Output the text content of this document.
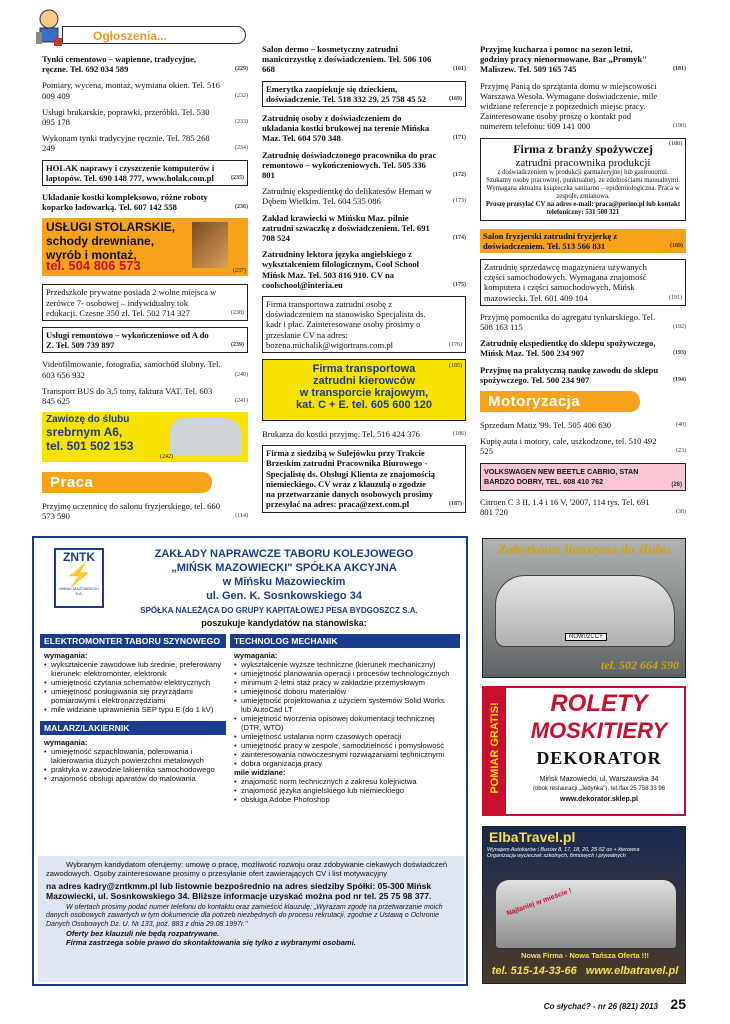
Ogłoszenia...
Tynki cementowo – wapienne, tradycyjne, ręczne. Tel. 692 034 589	(229)
Pomiary, wycena, montaż, wymiana okien. Tel. 516 009 409	(232)
Usługi brukarskie, poprawki, przeróbki. Tel. 530 095 178	(233)
Wykonam tynki tradycyjne ręcznie. Tel. 785 268 249	(234)
HOLAK naprawy i czyszczenie komputerów i laptopów. Tel. 690 148 777, www.holak.com.pl	(235)
Układanie kostki kompleksowo, różne roboty koparko ładowarką. Tel. 607 142 558	(236)
USŁUGI STOLARSKIE,
schody drewniane,
wyrób i montaż,
tel. 504 806 573	(237)
Przedszkole prywatne posiada 2 wolne miejsca w zerówce 7- osobowej – indywidualny tok edukacji. Czesne 350 zł. Tel. 502 714 327	(238)
Usługi remontowo – wykończeniowe od A do Z. Tel. 509 739 897	(239)
Videofilmowanie, fotografia, samochód ślubny. Tel. 603 656 932	(240)
Transport BUS do 3,5 tony, faktura VAT. Tel. 603 845 625	(241)
Zawiozę do ślubu
srebrnym A6,
tel. 501 502 153
(242)
Praca
Przyjmę uczennicę do salonu fryzjerskiego, tel. 660 573 590	(114)
Salon dermo – kosmetyczny zatrudni manicurzystkę z doświadczeniem. Tel. 506 106 668	(161)
Emerytka zaopiekuje się dzieckiem, doświadczenie. Tel. 518 332 29, 25 758 45 52	(169)
Zatrudnię osoby z doświadczeniem do układania kostki brukowej na terenie Mińska Maz. Tel. 604 570 348	(171)
Zatrudnię doświadczonego pracownika do prac remontowo – wykończeniowych. Tel. 505 336 801	(172)
Zatrudnię ekspedientkę do delikatesów Heman w Dębem Wielkim. Tel. 604 535 086	(173)
Zakład krawiecki w Mińsku Maz. pilnie zatrudni szwaczkę z doświadczeniem. Tel. 691 708 524	(174)
Zatrudniny lektora języka angielskiego z wykształceniem filologicznym, Cool School Mińsk Maz. Tel. 503 816 910. CV na coolschool@interia.eu	(175)
Firma transportowa zatrudni osobę z doświadczeniem na stanowisko Specjalista ds. kadr i płac. Zainteresowane osoby prosimy o przesłanie CV na adres: bozena.michalik@wigortrans.com.pl	(176)
Firma transportowa
zatrudni kierowców
w transporcie krajowym,
kat. C + E. tel. 605 600 120
(185)
Brukarza do kostki przyjmę. Tel. 516 424 376	(186)
Firma z siedzibą w Sulejówku przy Trakcie Brzeskim zatrudni Pracownika Biurowego - Specjalistę ds. Obsługi Klienta ze znajomością niemieckiego. CV wraz z klauzulą o zgodzie na przetwarzanie danych osobowych prosimy przesyłać na adres: praca@zext.com.pl	(187)
Przyjmę kucharza i pomoc na sezon letni, godziny pracy nienormowane. Bar „Promyk" Maliszew. Tel. 509 165 745	(181)
Przyjmę Panią do sprzątania domu w miejscowości Warszawa Wesoła. Wymagane doświadczenie, mile widziane referencje z poprzednich miejsc pracy. Zainteresowane osoby proszę o kontakt pod numerem telefonu: 609 141 000	(190)
Firma z branży spożywczej
zatrudni pracownika produkcji
z doświadczeniem w produkcji garmażeryjnej lub gastronomii. Szukamy osoby pracowitej, punktualnej, ze zdolnościami manualnymi. Wymagana aktualna książeczka sanitarno – epidemiologiczna. Praca w zespole, zmianowa.
Proszę przesyłać CV na adres e-mail: praca@perino.pl lub kontakt telefoniczny: 531 500 321
(188)
Salon fryzjerski zatrudni fryzjerkę z doświadczeniem. Tel. 513 566 831	(189)
Zatrudnię sprzedawcę magazyniera używanych części samochodowych. Wymagana znajomość komputera i części samochodowych, Mińsk mazowiecki. Tel. 601 409 104	(191)
Przyjmę pomocnika do agregatu tynkarskiego. Tel. 508 163 115	(192)
Zatrudnię ekspedientkę do sklepu spożywczego, Mińsk Maz. Tel. 500 234 907	(193)
Przyjmę na praktyczną naukę zawodu do sklepu spożywczego. Tel. 500 234 907	(194)
Motoryzacja
Sprzedam Matiz '99. Tel. 505 406 630	(40)
Kupię auta i motory, całe, uszkodzone, tel. 510 492 525	(23)
VOLKSWAGEN NEW BEETLE CABRIO, STAN BARDZO DOBRY, TEL. 608 410 762	(26)
Citroen C 3 II, 1.4 i 16 V, '2007, 114 tys. Tel. 691 801 720	(38)
ZNTK
⚡
MIŃSK MAZOWIECKI S.A.
ZAKŁADY NAPRAWCZE TABORU KOLEJOWEGO
„MIŃSK MAZOWIECKI" SPÓŁKA AKCYJNA
w Mińsku Mazowieckim
ul. Gen. K. Sosnkowskiego 34
SPÓŁKA NALEŻĄCA DO GRUPY KAPITAŁOWEJ PESA BYDGOSZCZ S.A.
poszukuje kandydatów na stanowiska:
ELEKTROMONTER TABORU SZYNOWEGO
wymagania:
• wykształcenie zawodowe lub średnie, preferowany kierunek: elektromonter, elektronik
• umiejętność czytania schematów elektrycznych
• umiejętność posługiwania się przyrządami pomiarowymi i elektronarzędziami
• mile widziane uprawnienia SEP typu E (do 1 kV)
MALARZ/LAKIERNIK
wymagania:
• umiejętność szpachlowania, polerowania i lakierowania dużych powierzchni metalowych
• praktyka w zawodzie lakiernika samochodowego
• znajomość obsługi aparatów do malowania
TECHNOLOG MECHANIK
wymagania:
• wykształcenie wyższe techniczne (kierunek mechaniczny)
• umiejętność planowania operacji i procesów technologicznych
• minimum 2-letni staż pracy w zakładzie przemysłowym
• umiejętność doboru materiałów
• umiejętność projektowania z użyciem systemów Solid Works lub AutoCad LT
• umiejętność tworzenia opisowej dokumentacji technicznej (DTR, WTO)
• umiejętność ustalania norm czasowych operacji
• umiejętność pracy w zespole, samodzielność i pomysłowość
• zainteresowania nowoczesnymi rozwiązaniami technicznymi
• dobra organizacja pracy
mile widziane:
• znajomość norm technicznych z zakresu kolejnictwa
• znajomość języka angielskiego lub niemieckiego
• obsługa Adobe Photoshop
Wybranym kandydatom oferujemy: umowę o pracę, możliwość rozwoju oraz zdobywanie ciekawych doświadczeń zawodowych. Osoby zainteresowane prosimy o przesyłanie ofert zawierających CV i list motywacyjny
na adres kadry@zntkmm.pl lub listownie bezpośrednio na adres siedziby Spółki: 05-300 Mińsk Mazowiecki, ul. Sosnkowskiego 34. Bliższe informacje uzyskać można pod nr tel. 25 75 98 377.
W ofertach prosimy podać numer telefonu do kontaktu oraz zamieścić klauzulę: „Wyrażam zgodę na przetwarzanie moich danych osobowych zawartych w tym dokumencie dla potrzeb niezbędnych do procesu rekrutacji, zgodnie z Ustawą o Ochronie Danych Osobowych Dz. U. Nr 133, poz. 883 z dnia 29.08.1997r."
Oferty bez klauzuli nie będą rozpatrywane.
Firma zastrzega sobie prawo do skontaktowania się tylko z wybranymi osobami.
Zabytkowa limuzyna do ślubu
NOW02CCY
tel. 502 664 590
POMIAR GRATIS!	ROLETY
MOSKITIERY
DEKORATOR
Mińsk Mazowiecki, ul. Warszawska 34
(obok restauracji „Jedynka"), tel./fax 25 758 33 96
www.dekorator.sklep.pl
ElbaTravel.pl
Wynajem Autokarów i Busów 8, 17, 18, 20, 25-52 os + kierowca
Organizacja wycieczek szkolnych, firmowych i prywatnych
Najtaniej w mieście !
Nowa Firma - Nowa Tańsza Oferta !!!
tel. 515-14-33-66 www.elbatravel.pl
Co słychać? - nr 26 (821) 2013 25
